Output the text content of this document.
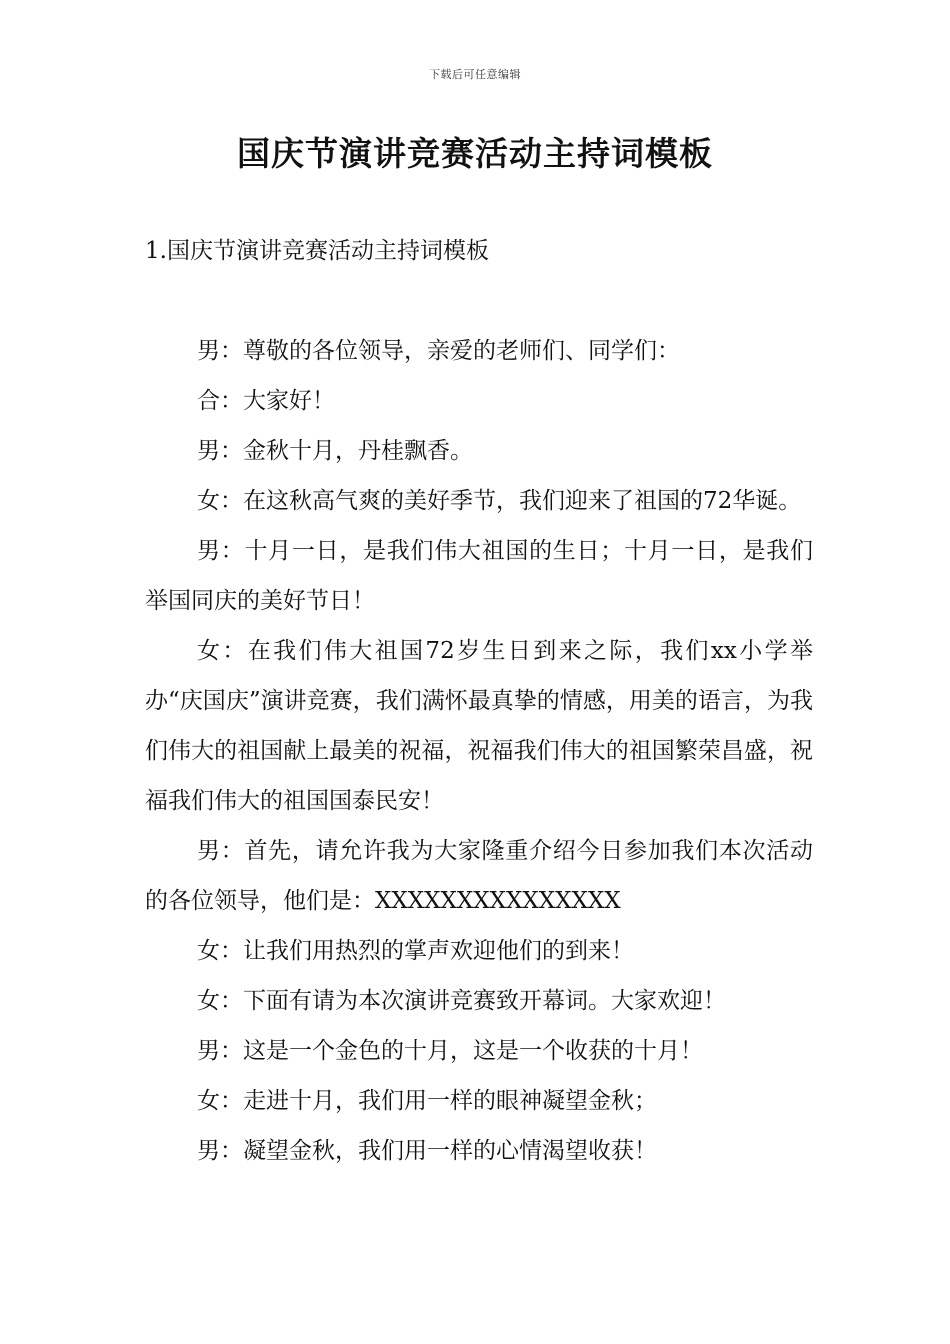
下载后可任意编辑
国庆节演讲竞赛活动主持词模板
1.国庆节演讲竞赛活动主持词模板

男：尊敬的各位领导，亲爱的老师们、同学们：

合：大家好！

男：金秋十月，丹桂飘香。

女：在这秋高气爽的美好季节，我们迎来了祖国的72华诞。

男：十月一日，是我们伟大祖国的生日；十月一日，是我们举国同庆的美好节日！

女：在我们伟大祖国72岁生日到来之际，我们xx小学举办“庆国庆”演讲竞赛，我们满怀最真挚的情感，用美的语言，为我们伟大的祖国献上最美的祝福，祝福我们伟大的祖国繁荣昌盛，祝福我们伟大的祖国国泰民安！

男：首先，请允许我为大家隆重介绍今日参加我们本次活动的各位领导，他们是：XXXXXXXXXXXXXXX

女：让我们用热烈的掌声欢迎他们的到来！

女：下面有请为本次演讲竞赛致开幕词。大家欢迎！

男：这是一个金色的十月，这是一个收获的十月！

女：走进十月，我们用一样的眼神凝望金秋；

男：凝望金秋，我们用一样的心情渴望收获！
